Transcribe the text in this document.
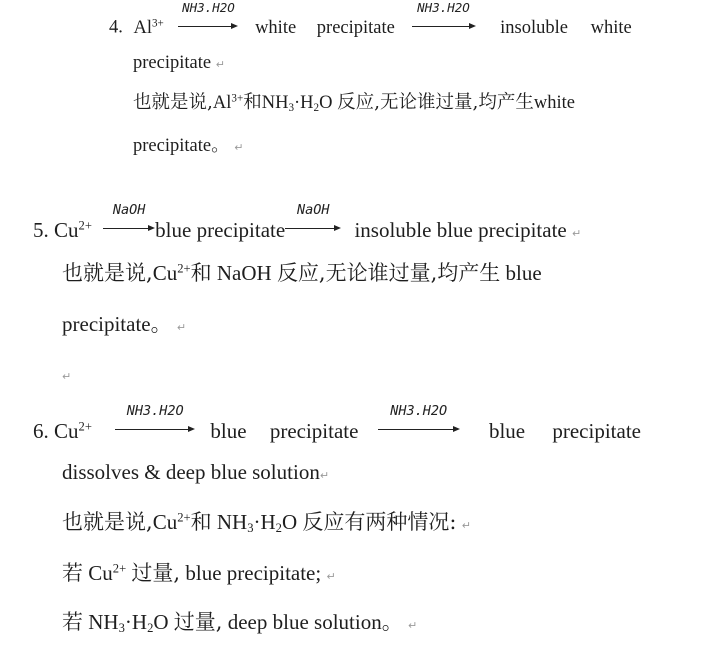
4. $Al^{3+}$
NH3.H2O
white precipitate
NH3.H2O
insoluble white
precipitate ↵
也就是说$,Al^{3+}$和$NH_3\cdot H_2O$ 反应,无论谁过量,均产生white
precipitate。 ↵
5. $Cu^{2+}$
NaOH
blue precipitate
NaOH
insoluble blue precipitate ↵
也就是说$,Cu^{2+}$和 NaOH 反应,无论谁过量,均产生 blue
precipitate。 ↵
↵
6. $Cu^{2+}$
NH3.H2O
blue precipitate
NH3.H2O
blue precipitate
dissolves & deep blue solution↵
也就是说$,Cu^{2+}$和 $NH_3\cdot H_2O$ 反应有两种情况: ↵
若 $Cu^{2+}$ 过量, blue precipitate; ↵
若 $NH_3\cdot H_2O$ 过量, deep blue solution。 ↵
